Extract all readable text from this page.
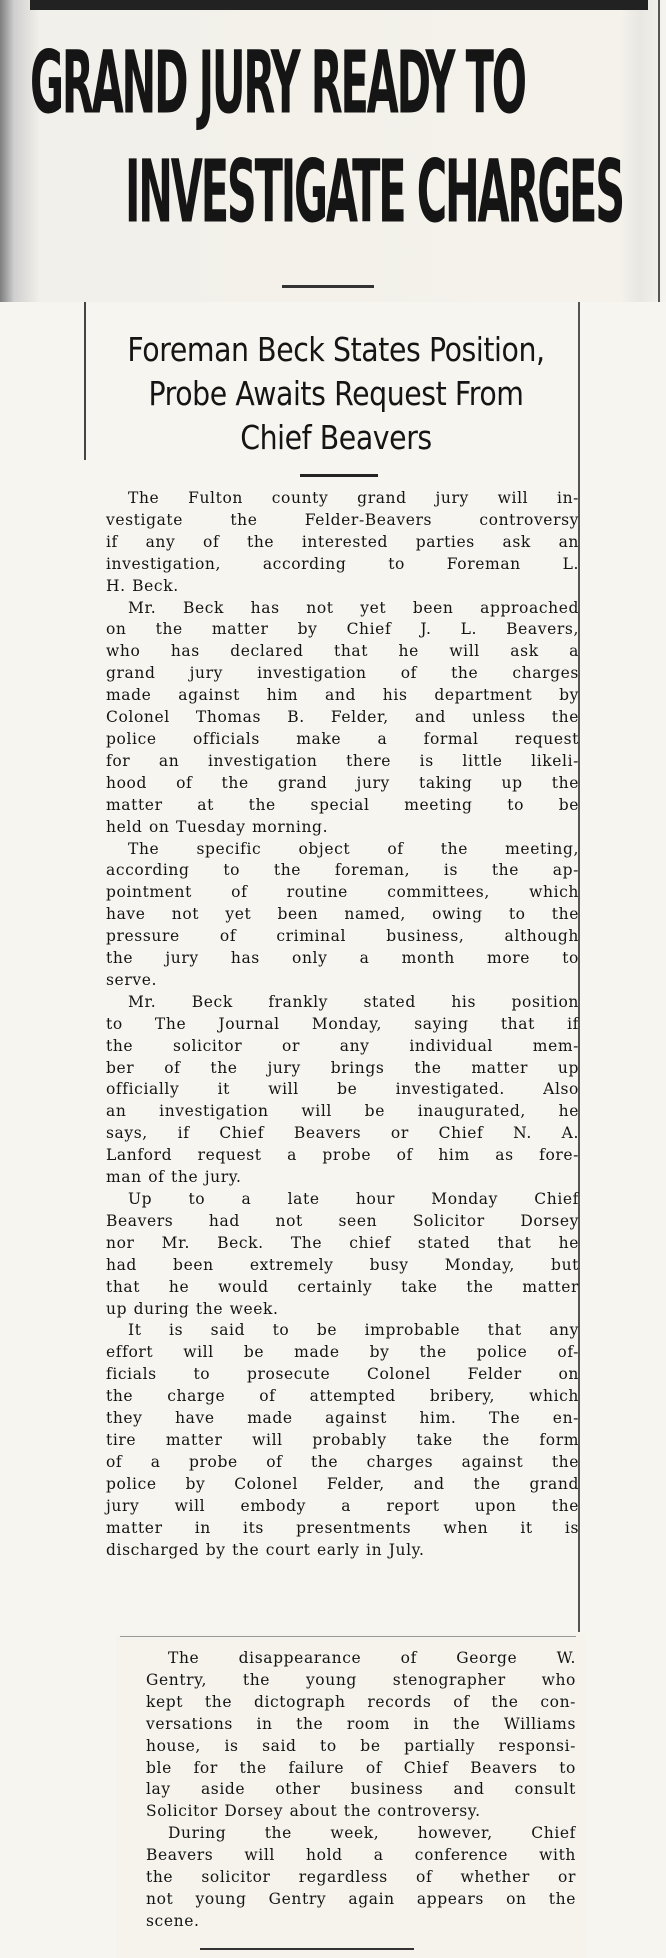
GRAND JURY READY TO
INVESTIGATE CHARGES
Foreman Beck States Position,
Probe Awaits Request From
Chief Beavers

The Fulton county grand jury will in-
vestigate the Felder-Beavers controversy
if any of the interested parties ask an
investigation, according to Foreman L.
H. Beck.

Mr. Beck has not yet been approached
on the matter by Chief J. L. Beavers,
who has declared that he will ask a
grand jury investigation of the charges
made against him and his department by
Colonel Thomas B. Felder, and unless the
police officials make a formal request
for an investigation there is little likeli-
hood of the grand jury taking up the
matter at the special meeting to be
held on Tuesday morning.

The specific object of the meeting,
according to the foreman, is the ap-
pointment of routine committees, which
have not yet been named, owing to the
pressure of criminal business, although
the jury has only a month more to
serve.

Mr. Beck frankly stated his position
to The Journal Monday, saying that if
the solicitor or any individual mem-
ber of the jury brings the matter up
officially it will be investigated. Also
an investigation will be inaugurated, he
says, if Chief Beavers or Chief N. A.
Lanford request a probe of him as fore-
man of the jury.

Up to a late hour Monday Chief
Beavers had not seen Solicitor Dorsey
nor Mr. Beck. The chief stated that he
had been extremely busy Monday, but
that he would certainly take the matter
up during the week.

It is said to be improbable that any
effort will be made by the police of-
ficials to prosecute Colonel Felder on
the charge of attempted bribery, which
they have made against him. The en-
tire matter will probably take the form
of a probe of the charges against the
police by Colonel Felder, and the grand
jury will embody a report upon the
matter in its presentments when it is
discharged by the court early in July.

The disappearance of George W.
Gentry, the young stenographer who
kept the dictograph records of the con-
versations in the room in the Williams
house, is said to be partially responsi-
ble for the failure of Chief Beavers to
lay aside other business and consult
Solicitor Dorsey about the controversy.

During the week, however, Chief
Beavers will hold a conference with
the solicitor regardless of whether or
not young Gentry again appears on the
scene.
